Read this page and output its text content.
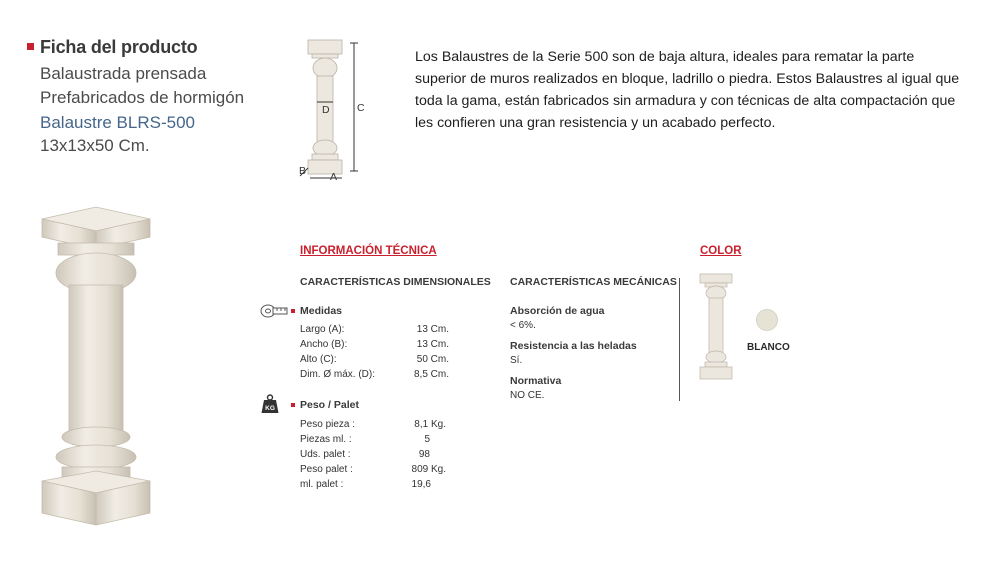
Ficha del producto
Balaustrada prensada
Prefabricados de hormigón
Balaustre BLRS-500
13x13x50 Cm.
C
D
A
B
Los Balaustres de la Serie 500 son de baja altura, ideales para rematar la parte superior de muros realizados en bloque, ladrillo o piedra. Estos Balaustres al igual que toda la gama, están fabricados sin armadura y con técnicas de alta compactación que les confieren una gran resistencia y un acabado perfecto.
INFORMACIÓN TÉCNICA
CARACTERÍSTICAS DIMENSIONALES CARACTERÍSTICAS MECÁNICAS
Medidas
Largo (A):	13 Cm.
Ancho (B):	13 Cm.
Alto (C):	50 Cm.
Dim. Ø máx. (D):	8,5 Cm.
KG Peso / Palet
Peso pieza :	8,1 Kg.
Piezas ml. :	5
Uds. palet :	98
Peso palet :	809 Kg.
ml. palet :	19,6
Absorción de agua
< 6%.
Resistencia a las heladas
Sí.
Normativa
NO CE.
COLOR
BLANCO
